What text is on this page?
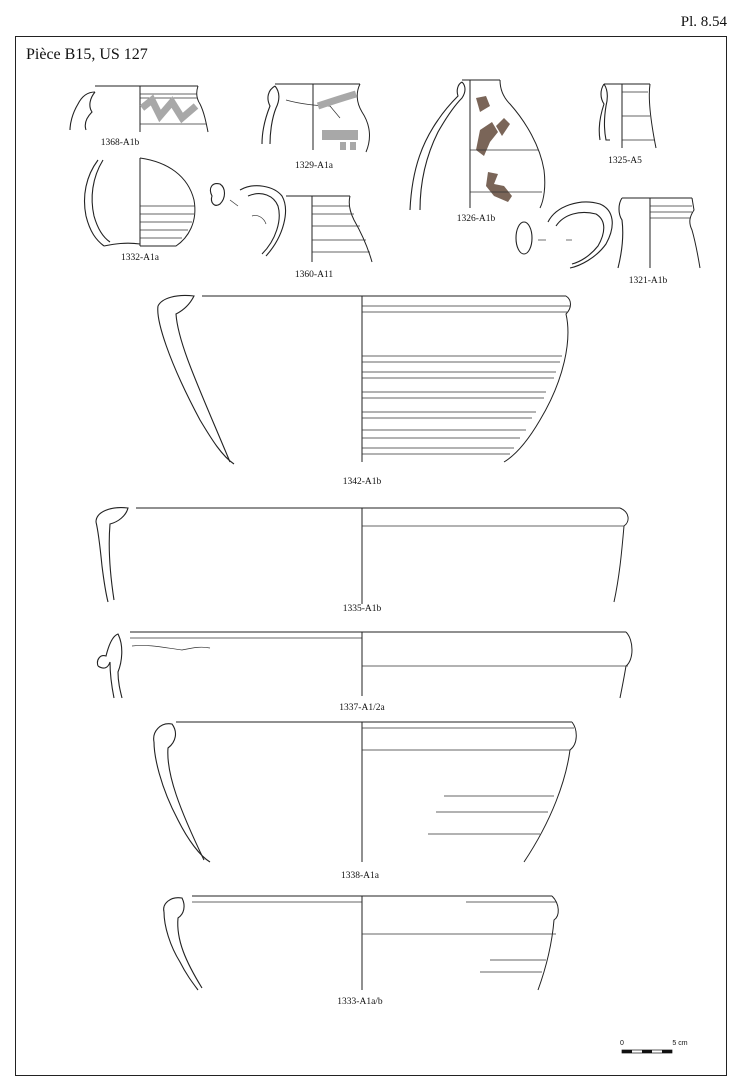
Pl. 8.54
Pièce B15, US 127
1368-A1b
1329-A1a
1326-A1b
1325-A5
1332-A1a
1360-A11
1321-A1b
1342-A1b
1335-A1b
1337-A1/2a
1338-A1a
1333-A1a/b
0	5 cm
